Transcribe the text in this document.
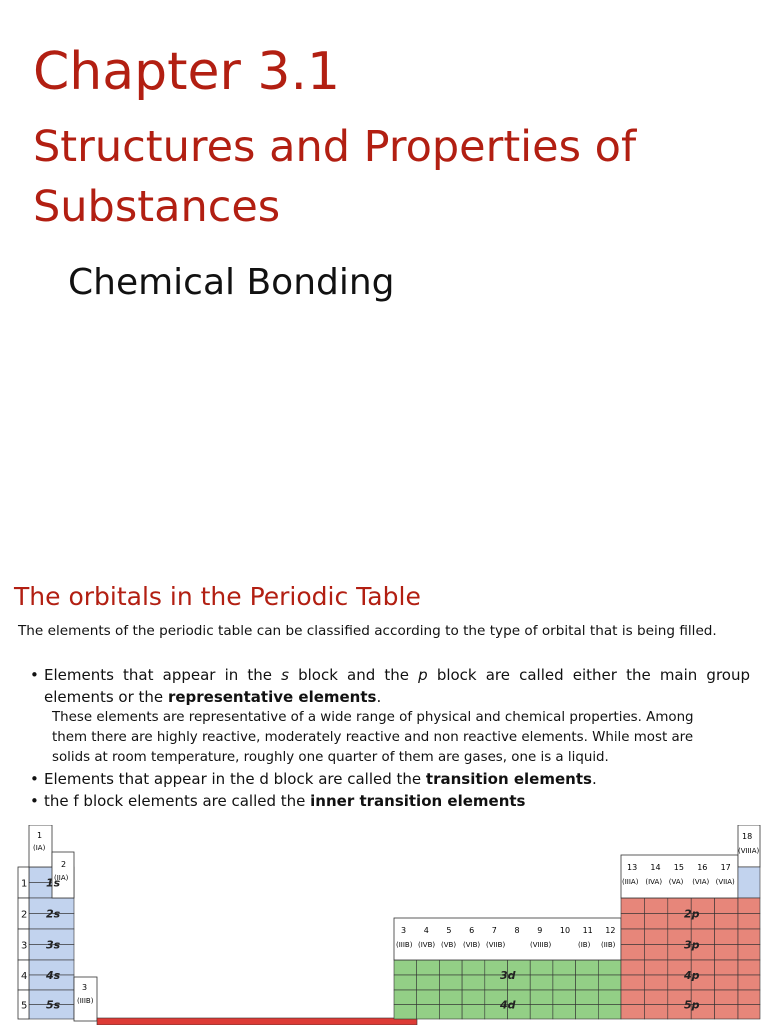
Chapter 3.1
Structures and Properties of
Substances
Chemical Bonding
The orbitals in the Periodic Table
The elements of the periodic table can be classified according to the type of orbital that is being filled.
• Elements that appear in the s block and the p block are called either the main group
elements or the representative elements.
These elements are representative of a wide range of physical and chemical properties. Among
them there are highly reactive, moderately reactive and non reactive elements. While most are
solids at room temperature, roughly one quarter of them are gases, one is a liquid.
• Elements that appear in the d block are called the transition elements.
• the f block elements are called the inner transition elements
1
2
3
4
5
1
(IA)
2
(IIA)
1s
2s
3s
4s
5s
3
(IIIB)
3 4 5 6 7 8 9 10 11 12
(IIIB) (IVB) (VB) (VIB) (VIIB)	(VIIIB)	(IB) (IIB)
3d
4d
13 14 15 16 17
(IIIA) (IVA) (VA) (VIA) (VIIA)
2p
3p
4p
5p
18
(VIIIA)
